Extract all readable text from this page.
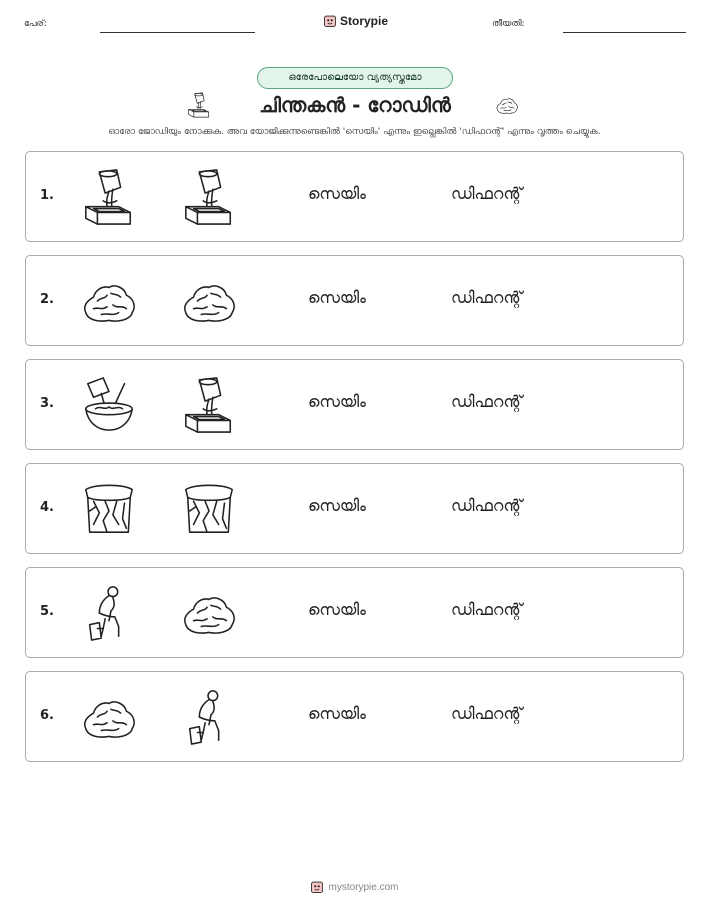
പേര്:	Storypie	തീയതി:
ഒരേപോലെയോ വ്യത്യസ്തമോ
ചിന്തകൻ - റോഡിൻ
ഓരോ ജോഡിയും നോക്കുക. അവ യോജിക്കുന്നുണ്ടെങ്കിൽ 'സെയിം' എന്നും ഇല്ലെങ്കിൽ 'ഡിഫറന്റ്' എന്നും വൃത്തം ചെയ്യുക.
1.	സെയിം	ഡിഫറന്റ്
2.	സെയിം	ഡിഫറന്റ്
3.	സെയിം	ഡിഫറന്റ്
4.	സെയിം	ഡിഫറന്റ്
5.	സെയിം	ഡിഫറന്റ്
6.	സെയിം	ഡിഫറന്റ്
mystorypie.com
